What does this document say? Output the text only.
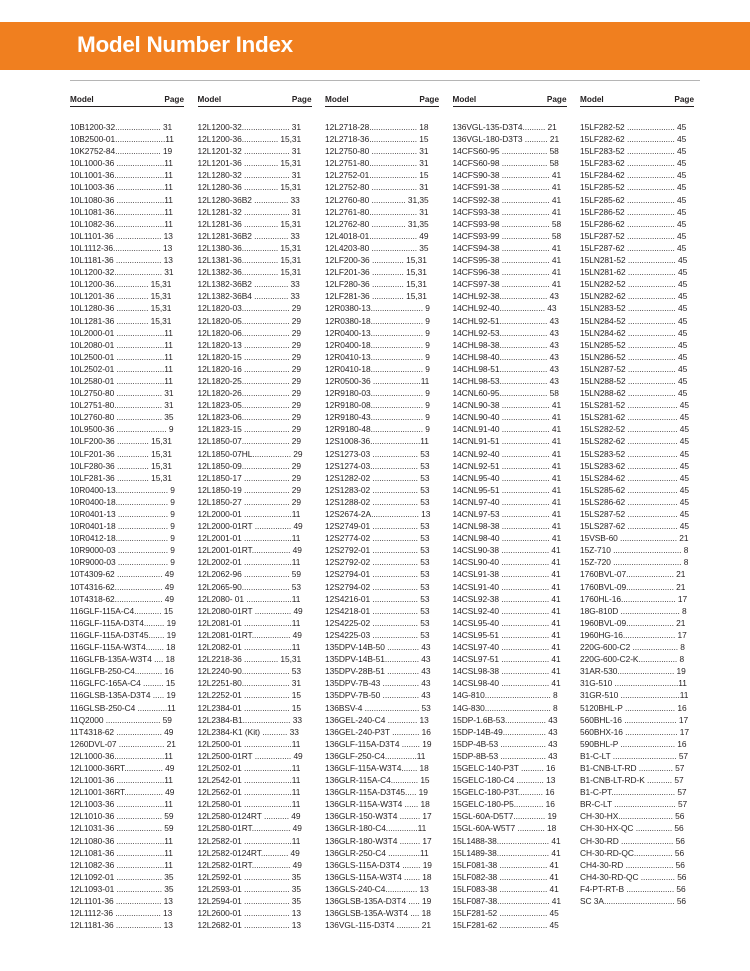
Model Number Index
Model	Page
10B1200-32.................... 31
10B2500-01......................11
10K2752-84.................... 19
10L1000-36 .....................11
10L1001-36......................11
10L1003-36 .....................11
10L1080-36 .....................11
10L1081-36......................11
10L1082-36......................11
10L1101-36 .................... 13
10L1112-36..................... 13
10L1181-36 .................... 13
10L1200-32..................... 31
10L1200-36............... 15,31
10L1201-36 .............. 15,31
10L1280-36 .............. 15,31
10L1281-36 .............. 15,31
10L2000-01 .....................11
10L2080-01 .....................11
10L2500-01 .....................11
10L2502-01 .....................11
10L2580-01 .....................11
10L2750-80 .................... 31
10L2751-80..................... 31
10L2760-80 .................... 35
10L9500-36 ...................... 9
10LF200-36 .............. 15,31
10LF201-36 .............. 15,31
10LF280-36 .............. 15,31
10LF281-36 .............. 15,31
10R0400-13....................... 9
10R0400-18....................... 9
10R0401-13 ...................... 9
10R0401-18 ...................... 9
10R0412-18....................... 9
10R9000-03 ...................... 9
10R9000-03 ...................... 9
10T4309-62 .................... 49
10T4316-62..................... 49
10T4318-62..................... 49
116GLF-115A-C4............ 15
116GLF-115A-D3T4......... 19
116GLF-115A-D3T45....... 19
116GLF-115A-W3T4........ 18
116GLFB-135A-W3T4 .... 18
116GLFB-250-C4............ 16
116GLFC-165A-C4 ......... 15
116GLSB-135A-D3T4 ..... 19
116GLSB-250-C4 .............11
11Q2000 ........................ 59
11T4318-62 .................... 49
1260DVL-07 .................... 21
12L1000-36......................11
12L1000-36RT................. 49
12L1001-36 .....................11
12L1001-36RT................. 49
12L1003-36 .....................11
12L1010-36 .................... 59
12L1031-36 .................... 59
12L1080-36 .....................11
12L1081-36 .....................11
12L1082-36 .....................11
12L1092-01 .................... 35
12L1093-01 .................... 35
12L1101-36 .................... 13
12L1112-36 .................... 13
12L1181-36 .................... 13
Model	Page
12L1200-32..................... 31
12L1200-36................ 15,31
12L1201-32 .................... 31
12L1201-36 ............... 15,31
12L1280-32 .................... 31
12L1280-36 ............... 15,31
12L1280-36B2 ............... 33
12L1281-32 .................... 31
12L1281-36 ............... 15,31
12L1281-36B2 ............... 33
12L1380-36................ 15,31
12L1381-36................ 15,31
12L1382-36................ 15,31
12L1382-36B2 ............... 33
12L1382-36B4 ............... 33
12L1820-03..................... 29
12L1820-05..................... 29
12L1820-06..................... 29
12L1820-13 .................... 29
12L1820-15 .................... 29
12L1820-16 .................... 29
12L1820-25..................... 29
12L1820-26..................... 29
12L1823-05..................... 29
12L1823-06..................... 29
12L1823-15 .................... 29
12L1850-07..................... 29
12L1850-07HL................. 29
12L1850-09..................... 29
12L1850-17 .................... 29
12L1850-19 .................... 29
12L1850-27 .................... 29
12L2000-01 .....................11
12L2000-01RT ................ 49
12L2001-01 .....................11
12L2001-01RT................. 49
12L2002-01 .....................11
12L2062-96 .................... 59
12L2065-90..................... 53
12L2080- 01 ....................11
12L2080-01RT ................ 49
12L2081-01 .....................11
12L2081-01RT................. 49
12L2082-01 .....................11
12L2218-36 ............... 15,31
12L2240-90..................... 53
12L2251-80..................... 31
12L2252-01 .................... 15
12L2384-01 .................... 15
12L2384-B1..................... 33
12L2384-K1 (Kit) ........... 33
12L2500-01 .....................11
12L2500-01RT ................ 49
12L2502-01 .....................11
12L2542-01 .....................11
12L2562-01 .....................11
12L2580-01 .....................11
12L2580-0124RT ........... 49
12L2580-01RT................. 49
12L2582-01 .....................11
12L2582-0124RT............ 49
12L2582-01RT................. 49
12L2592-01 .................... 35
12L2593-01 .................... 35
12L2594-01 .................... 35
12L2600-01 .................... 13
12L2682-01 .................... 13
Model	Page
12L2718-28..................... 18
12L2718-36..................... 15
12L2750-80 .................... 31
12L2751-80..................... 31
12L2752-01..................... 15
12L2752-80 .................... 31
12L2760-80 ............... 31,35
12L2761-80..................... 31
12L2762-80 ............... 31,35
12L4018-01..................... 49
12L4203-80 .................... 35
12LF200-36 .............. 15,31
12LF201-36 .............. 15,31
12LF280-36 .............. 15,31
12LF281-36 .............. 15,31
12R0380-13....................... 9
12R0380-18....................... 9
12R0400-13....................... 9
12R0400-18....................... 9
12R0410-13....................... 9
12R0410-18....................... 9
12R0500-36 .....................11
12R9180-03....................... 9
12R9180-08....................... 9
12R9180-43....................... 9
12R9180-48....................... 9
12S1008-36......................11
12S1273-03 .................... 53
12S1274-03..................... 53
12S1282-02 .................... 53
12S1283-02 .................... 53
12S1288-02 .................... 53
12S2674-2A..................... 13
12S2749-01 .................... 53
12S2774-02 .................... 53
12S2792-01 .................... 53
12S2792-02 .................... 53
12S2794-01 .................... 53
12S2794-02 .................... 53
12S4216-01 .................... 53
12S4218-01 .................... 53
12S4225-02 .................... 53
12S4225-03 .................... 53
135DPV-14B-50 .............. 43
135DPV-14B-51............... 43
135DPV-28B-51 .............. 43
135DPV-7B-43 ................ 43
135DPV-7B-50 ................ 43
136BSV-4 ........................ 53
136GEL-240-C4 ............. 13
136GEL-240-P3T ............ 16
136GLF-115A-D3T4 ........ 19
136GLF-250-C4..............11
136GLF-115A-W3T4....... 18
136GLR-115A-C4............ 15
136GLR-115A-D3T45..... 19
136GLR-115A-W3T4 ...... 18
136GLR-150-W3T4 ......... 17
136GLR-180-C4..............11
136GLR-180-W3T4 ......... 17
136GLR-250-C4 ..............11
136GLS-115A-D3T4 ........ 19
136GLS-115A-W3T4 ....... 18
136GLS-240-C4.............. 13
136GLSB-135A-D3T4 ..... 19
136GLSB-135A-W3T4 .... 18
136VGL-115-D3T4 .......... 21
Model	Page
136VGL-135-D3T4.......... 21
136VGL-180-D3T3 .......... 21
14CFS60-95 .................... 58
14CFS60-98 .................... 58
14CFS90-38 ..................... 41
14CFS91-38 ..................... 41
14CFS92-38 ..................... 41
14CFS93-38 ..................... 41
14CFS93-98 ..................... 58
14CFS93-99 ..................... 58
14CFS94-38 ..................... 41
14CFS95-38 ..................... 41
14CFS96-38 ..................... 41
14CFS97-38 ..................... 41
14CHL92-38..................... 43
14CHL92-40.................... 43
14CHL92-51..................... 43
14CHL92-53..................... 43
14CHL98-38..................... 43
14CHL98-40..................... 43
14CHL98-51..................... 43
14CHL98-53..................... 43
14CNL60-95..................... 58
14CNL90-38 ..................... 41
14CNL90-40 ..................... 41
14CNL91-40 ..................... 41
14CNL91-51 ..................... 41
14CNL92-40 ..................... 41
14CNL92-51 ..................... 41
14CNL95-40 ..................... 41
14CNL95-51 ..................... 41
14CNL97-40 ..................... 41
14CNL97-53 ..................... 41
14CNL98-38 ..................... 41
14CNL98-40 ..................... 41
14CSL90-38 ..................... 41
14CSL90-40 ..................... 41
14CSL91-38 ..................... 41
14CSL91-40 ..................... 41
14CSL92-38 ..................... 41
14CSL92-40 ..................... 41
14CSL95-40 ..................... 41
14CSL95-51 ..................... 41
14CSL97-40 ..................... 41
14CSL97-51 ..................... 41
14CSL98-38 ..................... 41
14CSL98-40 ..................... 41
14G-810............................. 8
14G-830............................. 8
15DP-1.6B-53.................. 43
15DP-14B-49................... 43
15DP-4B-53 .................... 43
15DP-8B-53 .................... 43
15GELC-140-P3T .......... 16
15GELC-180-C4 ............ 13
15GELC-180-P3T........... 16
15GELC-180-P5............. 16
15GL-60A-D5T7.............. 19
15GL-60A-W5T7 ............ 18
15L1488-38....................... 41
15L1489-38....................... 41
15LF081-38 ..................... 41
15LF082-38 ..................... 41
15LF083-38 ..................... 41
15LF087-38....................... 41
15LF281-52 ..................... 45
15LF281-62 ..................... 45
Model	Page
15LF282-52 ..................... 45
15LF282-62 ..................... 45
15LF283-52 ..................... 45
15LF283-62 ..................... 45
15LF284-62 ..................... 45
15LF285-52 ..................... 45
15LF285-62 ..................... 45
15LF286-52 ..................... 45
15LF286-62 ..................... 45
15LF287-52 ..................... 45
15LF287-62 ..................... 45
15LN281-52 ..................... 45
15LN281-62 ..................... 45
15LN282-52 ..................... 45
15LN282-62 ..................... 45
15LN283-52 ..................... 45
15LN284-52 ..................... 45
15LN284-62 ..................... 45
15LN285-52 ..................... 45
15LN286-52 ..................... 45
15LN287-52 ..................... 45
15LN288-52 ..................... 45
15LN288-62 ..................... 45
15LS281-52 ...................... 45
15LS281-62 ...................... 45
15LS282-52 ...................... 45
15LS282-62 ...................... 45
15LS283-52 ...................... 45
15LS283-62 ...................... 45
15LS284-62 ...................... 45
15LS285-62 ...................... 45
15LS286-62 ...................... 45
15LS287-52 ...................... 45
15LS287-62 ...................... 45
15VSB-60 ......................... 21
15Z-710 .............................. 8
15Z-720 .............................. 8
1760BVL-07..................... 21
1760BVL-09..................... 21
1760HL-16........................ 17
18G-810D .......................... 8
1960BVL-09..................... 21
1960HG-16....................... 17
220G-600-C2 .................... 8
220G-600-C2-K................. 8
31AR-530......................... 19
31G-510 ............................11
31GR-510 ..........................11
5120BHL-P ...................... 16
560BHL-16 ....................... 17
560BHX-16 ....................... 17
590BHL-P ........................ 16
B1-C-LT ............................ 57
B1-CNB-LT-RD ............... 57
B1-CNB-LT-RD-K ........... 57
B1-C-PT............................ 57
BR-C-LT ........................... 57
CH-30-HX........................ 56
CH-30-HX-QC ................ 56
CH-30-RD ....................... 56
CH-30-RD-QC................. 56
CH4-30-RD ..................... 56
CH4-30-RD-QC ............... 56
F4-PT-RT-B ..................... 56
SC 3A............................... 56
